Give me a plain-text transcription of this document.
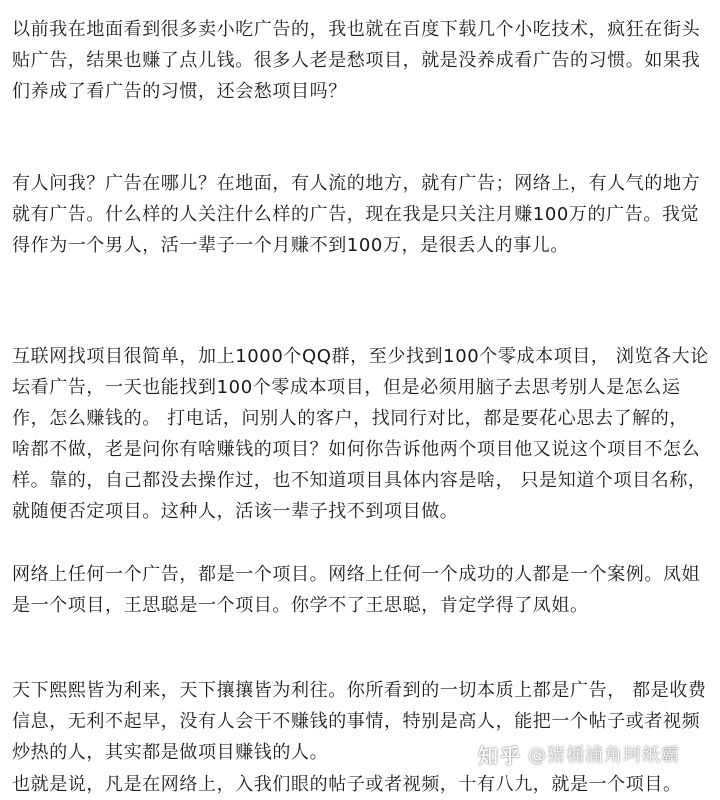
以前我在地面看到很多卖小吃广告的，我也就在百度下载几个小吃技术，疯狂在街头贴广告，结果也赚了点儿钱。很多人老是愁项目，就是没养成看广告的习惯。如果我们养成了看广告的习惯，还会愁项目吗？

有人问我？广告在哪儿？在地面，有人流的地方，就有广告；网络上，有人气的地方就有广告。什么样的人关注什么样的广告，现在我是只关注月赚100万的广告。我觉得作为一个男人，活一辈子一个月赚不到100万，是很丢人的事儿。

互联网找项目很简单，加上1000个QQ群，至少找到100个零成本项目， 浏览各大论坛看广告，一天也能找到100个零成本项目，但是必须用脑子去思考别人是怎么运作，怎么赚钱的。 打电话，问别人的客户，找同行对比，都是要花心思去了解的， 啥都不做，老是问你有啥赚钱的项目？如何你告诉他两个项目他又说这个项目不怎么样。靠的，自己都没去操作过，也不知道项目具体内容是啥， 只是知道个项目名称，就随便否定项目。这种人，活该一辈子找不到项目做。

网络上任何一个广告，都是一个项目。网络上任何一个成功的人都是一个案例。凤姐是一个项目，王思聪是一个项目。你学不了王思聪，肯定学得了凤姐。

天下熙熙皆为利来，天下攘攘皆为利往。你所看到的一切本质上都是广告， 都是收费信息，无利不起早，没有人会干不赚钱的事情，特别是高人，能把一个帖子或者视频炒热的人，其实都是做项目赚钱的人。

也就是说，凡是在网络上，入我们眼的帖子或者视频，十有八九，就是一个项目。

知乎 @猪桶浦角珂纸霸
